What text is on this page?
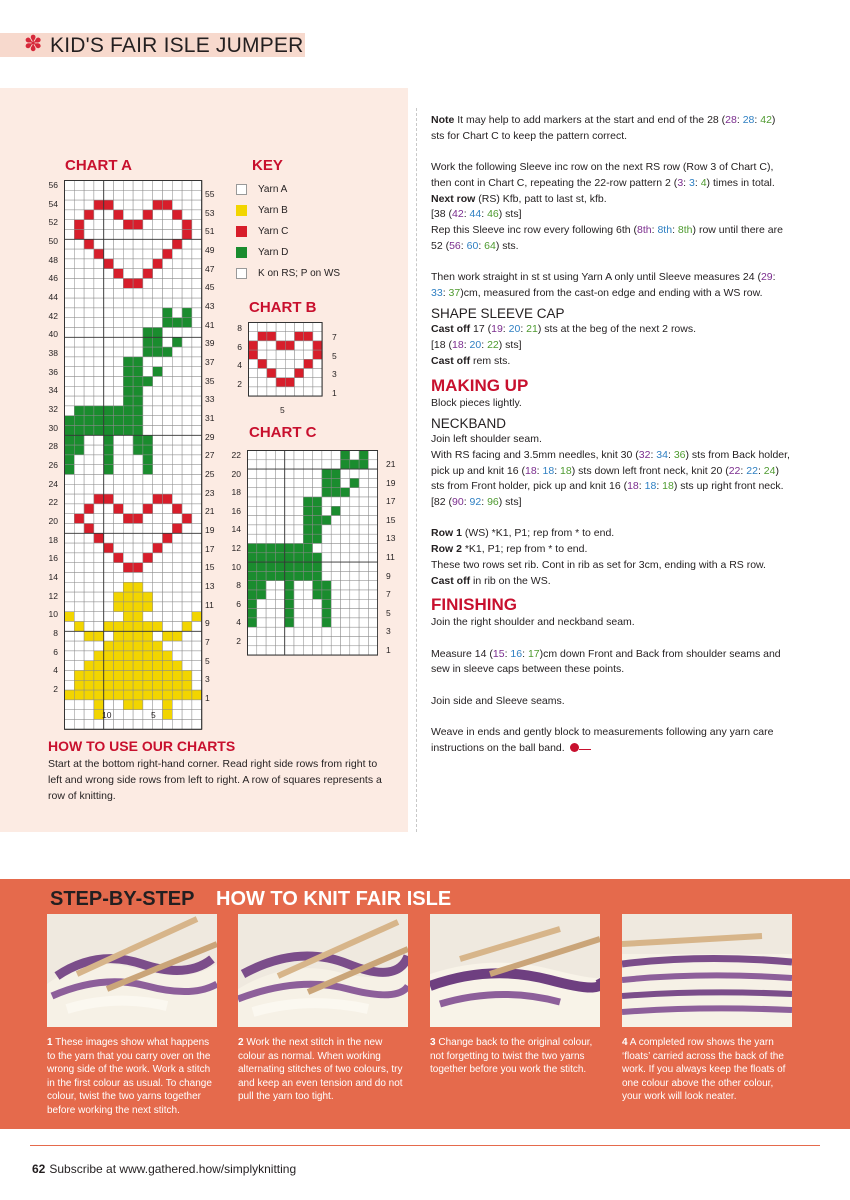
✽ KID'S FAIR ISLE JUMPER
CHART A
56
54
52
50
48
46
44
42
40
38
36
34
32
30
28
26
24
22
20
18
16
14
12
10
8
6
4
2
55
53
51
49
47
45
43
41
39
37
35
33
31
29
27
25
23
21
19
17
15
13
11
9
7
5
3
1
10	5
KEY
Yarn A
Yarn B
Yarn C
Yarn D
K on RS; P on WS
CHART B
8
6
4
2
7
5
3
1
5
CHART C
22
20
18
16
14
12
10
8
6
4
2
21
19
17
15
13
11
9
7
5
3
1
HOW TO USE OUR CHARTS
Start at the bottom right-hand corner. Read right side rows from right to left and wrong side rows from left to right. A row of squares represents a row of knitting.

Note It may help to add markers at the start and end of the 28 (28: 28: 42) sts for Chart C to keep the pattern correct.

Work the following Sleeve inc row on the next RS row (Row 3 of Chart C), then cont in Chart C, repeating the 22-row pattern 2 (3: 3: 4) times in total.

Next row (RS) Kfb, patt to last st, kfb.

[38 (42: 44: 46) sts]

Rep this Sleeve inc row every following 6th (8th: 8th: 8th) row until there are 52 (56: 60: 64) sts.

Then work straight in st st using Yarn A only until Sleeve measures 24 (29: 33: 37)cm, measured from the cast-on edge and ending with a WS row.

SHAPE SLEEVE CAP

Cast off 17 (19: 20: 21) sts at the beg of the next 2 rows.

[18 (18: 20: 22) sts]

Cast off rem sts.

MAKING UP

Block pieces lightly.

NECKBAND

Join left shoulder seam.

With RS facing and 3.5mm needles, knit 30 (32: 34: 36) sts from Back holder, pick up and knit 16 (18: 18: 18) sts down left front neck, knit 20 (22: 22: 24) sts from Front holder, pick up and knit 16 (18: 18: 18) sts up right front neck. [82 (90: 92: 96) sts]

Row 1 (WS) *K1, P1; rep from * to end.

Row 2 *K1, P1; rep from * to end.

These two rows set rib. Cont in rib as set for 3cm, ending with a RS row.

Cast off in rib on the WS.

FINISHING

Join the right shoulder and neckband seam.

Measure 14 (15: 16: 17)cm down Front and Back from shoulder seams and sew in sleeve caps between these points.

Join side and Sleeve seams.

Weave in ends and gently block to measurements following any yarn care instructions on the ball band.

STEP-BY-STEP HOW TO KNIT FAIR ISLE
1 These images show what happens to the yarn that you carry over on the wrong side of the work. Work a stitch in the first colour as usual. To change colour, twist the two yarns together before working the next stitch.
2 Work the next stitch in the new colour as normal. When working alternating stitches of two colours, try and keep an even tension and do not pull the yarn too tight.
3 Change back to the original colour, not forgetting to twist the two yarns together before you work the stitch.
4 A completed row shows the yarn ‘floats’ carried across the back of the work. If you always keep the floats of one colour above the other colour, your work will look neater.
62 Subscribe at www.gathered.how/simplyknitting
